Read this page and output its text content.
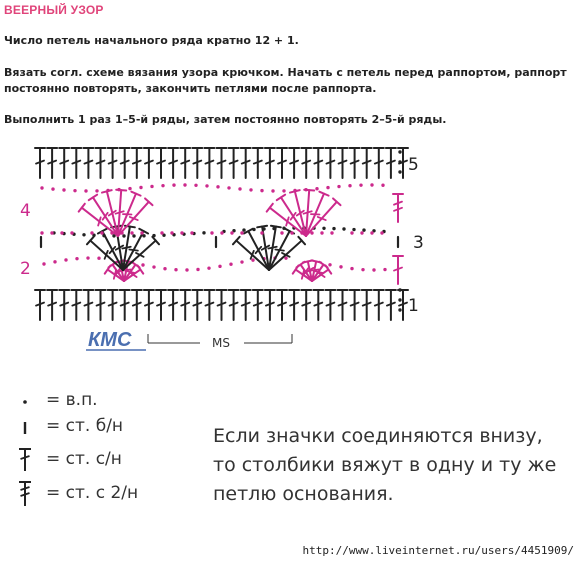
ВЕЕРНЫЙ УЗОР
Число петель начального ряда кратно 12 + 1.
Вязать согл. схеме вязания узора крючком. Начать с петель перед раппортом, раппорт постоянно повторять, закончить петлями после раппорта.
Выполнить 1 раз 1–5-й ряды, затем постоянно повторять 2–5-й ряды.
5
3
1
4
2
КМС	MS
= в.п.
= ст. б/н
= ст. с/н
= ст. с 2/н
Если значки соединяются внизу,
то столбики вяжут в одну и ту же
петлю основания.
http://www.liveinternet.ru/users/4451909/
